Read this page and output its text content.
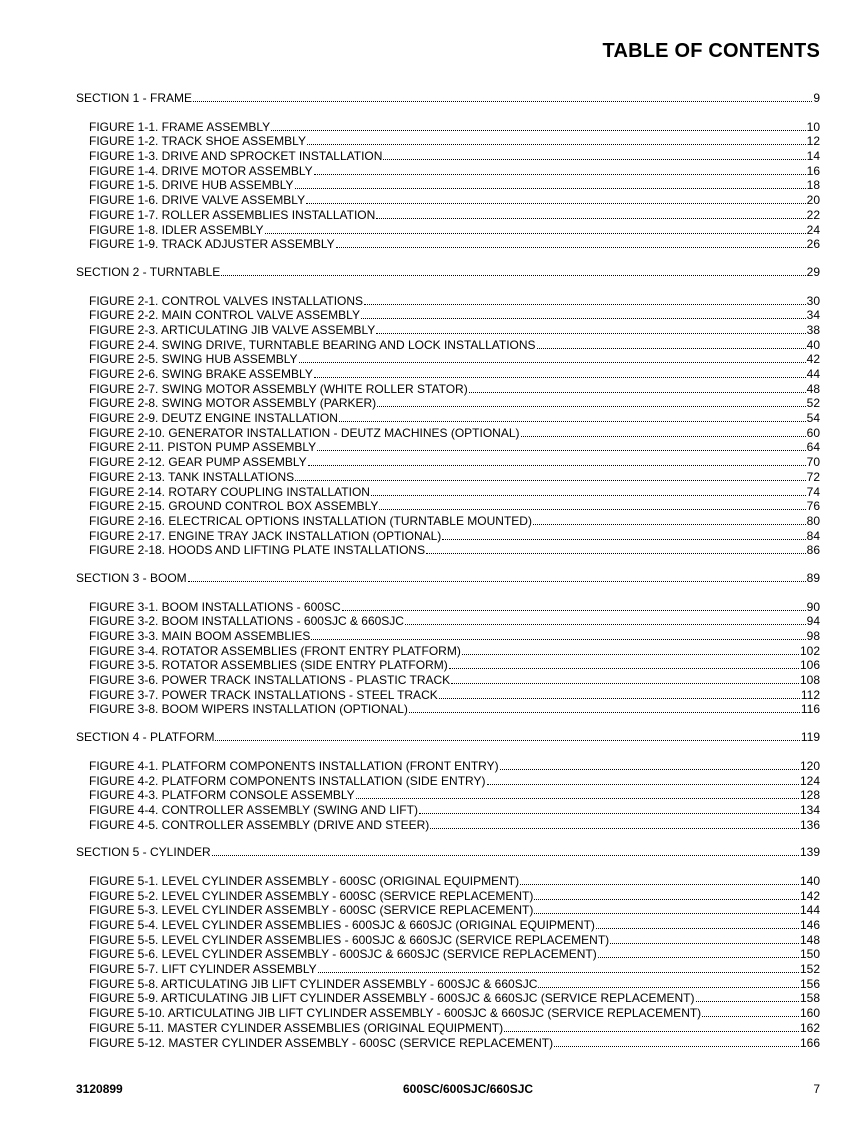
TABLE OF CONTENTS
SECTION 1 - FRAME	9
FIGURE 1-1. FRAME ASSEMBLY	10
FIGURE 1-2. TRACK SHOE ASSEMBLY	12
FIGURE 1-3. DRIVE AND SPROCKET INSTALLATION	14
FIGURE 1-4. DRIVE MOTOR ASSEMBLY	16
FIGURE 1-5. DRIVE HUB ASSEMBLY	18
FIGURE 1-6. DRIVE VALVE ASSEMBLY	20
FIGURE 1-7. ROLLER ASSEMBLIES INSTALLATION	22
FIGURE 1-8. IDLER ASSEMBLY	24
FIGURE 1-9. TRACK ADJUSTER ASSEMBLY	26
SECTION 2 - TURNTABLE	29
FIGURE 2-1. CONTROL VALVES INSTALLATIONS	30
FIGURE 2-2. MAIN CONTROL VALVE ASSEMBLY	34
FIGURE 2-3. ARTICULATING JIB VALVE ASSEMBLY	38
FIGURE 2-4. SWING DRIVE, TURNTABLE BEARING AND LOCK INSTALLATIONS	40
FIGURE 2-5. SWING HUB ASSEMBLY	42
FIGURE 2-6. SWING BRAKE ASSEMBLY	44
FIGURE 2-7. SWING MOTOR ASSEMBLY (WHITE ROLLER STATOR)	48
FIGURE 2-8. SWING MOTOR ASSEMBLY (PARKER)	52
FIGURE 2-9. DEUTZ ENGINE INSTALLATION	54
FIGURE 2-10. GENERATOR INSTALLATION - DEUTZ MACHINES (OPTIONAL)	60
FIGURE 2-11. PISTON PUMP ASSEMBLY	64
FIGURE 2-12. GEAR PUMP ASSEMBLY	70
FIGURE 2-13. TANK INSTALLATIONS	72
FIGURE 2-14. ROTARY COUPLING INSTALLATION	74
FIGURE 2-15. GROUND CONTROL BOX ASSEMBLY	76
FIGURE 2-16. ELECTRICAL OPTIONS INSTALLATION (TURNTABLE MOUNTED)	80
FIGURE 2-17. ENGINE TRAY JACK INSTALLATION (OPTIONAL)	84
FIGURE 2-18. HOODS AND LIFTING PLATE INSTALLATIONS	86
SECTION 3 - BOOM	89
FIGURE 3-1. BOOM INSTALLATIONS - 600SC	90
FIGURE 3-2. BOOM INSTALLATIONS - 600SJC & 660SJC	94
FIGURE 3-3. MAIN BOOM ASSEMBLIES	98
FIGURE 3-4. ROTATOR ASSEMBLIES (FRONT ENTRY PLATFORM)	102
FIGURE 3-5. ROTATOR ASSEMBLIES (SIDE ENTRY PLATFORM)	106
FIGURE 3-6. POWER TRACK INSTALLATIONS - PLASTIC TRACK	108
FIGURE 3-7. POWER TRACK INSTALLATIONS - STEEL TRACK	112
FIGURE 3-8. BOOM WIPERS INSTALLATION (OPTIONAL)	116
SECTION 4 - PLATFORM	119
FIGURE 4-1. PLATFORM COMPONENTS INSTALLATION (FRONT ENTRY)	120
FIGURE 4-2. PLATFORM COMPONENTS INSTALLATION (SIDE ENTRY)	124
FIGURE 4-3. PLATFORM CONSOLE ASSEMBLY	128
FIGURE 4-4. CONTROLLER ASSEMBLY (SWING AND LIFT)	134
FIGURE 4-5. CONTROLLER ASSEMBLY (DRIVE AND STEER)	136
SECTION 5 - CYLINDER	139
FIGURE 5-1. LEVEL CYLINDER ASSEMBLY - 600SC (ORIGINAL EQUIPMENT)	140
FIGURE 5-2. LEVEL CYLINDER ASSEMBLY - 600SC (SERVICE REPLACEMENT)	142
FIGURE 5-3. LEVEL CYLINDER ASSEMBLY - 600SC (SERVICE REPLACEMENT)	144
FIGURE 5-4. LEVEL CYLINDER ASSEMBLIES - 600SJC & 660SJC (ORIGINAL EQUIPMENT)	146
FIGURE 5-5. LEVEL CYLINDER ASSEMBLIES - 600SJC & 660SJC (SERVICE REPLACEMENT)	148
FIGURE 5-6. LEVEL CYLINDER ASSEMBLY - 600SJC & 660SJC (SERVICE REPLACEMENT)	150
FIGURE 5-7. LIFT CYLINDER ASSEMBLY	152
FIGURE 5-8. ARTICULATING JIB LIFT CYLINDER ASSEMBLY - 600SJC & 660SJC	156
FIGURE 5-9. ARTICULATING JIB LIFT CYLINDER ASSEMBLY - 600SJC & 660SJC (SERVICE REPLACEMENT)	158
FIGURE 5-10. ARTICULATING JIB LIFT CYLINDER ASSEMBLY - 600SJC & 660SJC (SERVICE REPLACEMENT)	160
FIGURE 5-11. MASTER CYLINDER ASSEMBLIES (ORIGINAL EQUIPMENT)	162
FIGURE 5-12. MASTER CYLINDER ASSEMBLY - 600SC (SERVICE REPLACEMENT)	166
3120899	600SC/600SJC/660SJC	7
